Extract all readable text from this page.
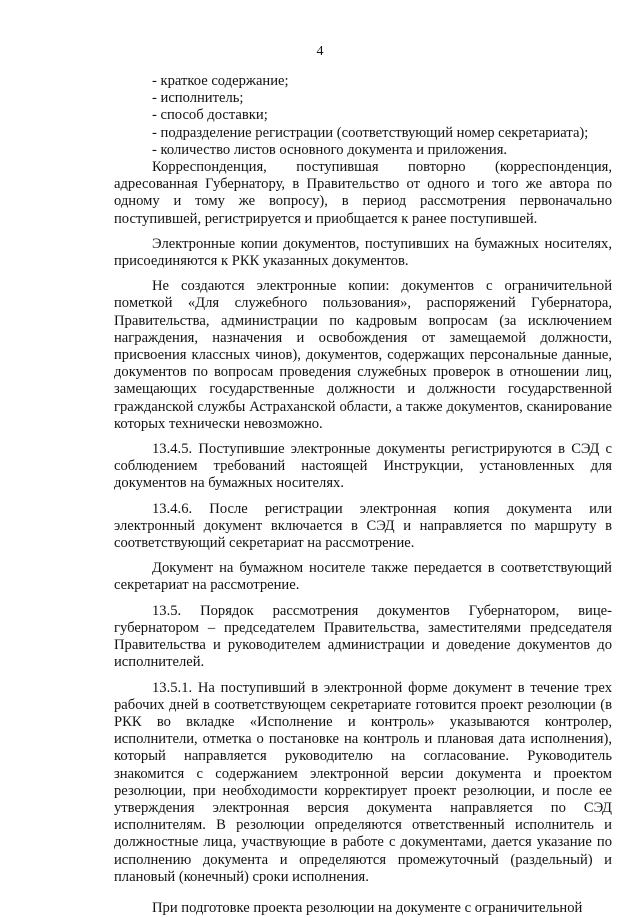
4
- краткое содержание;
- исполнитель;
- способ доставки;
- подразделение регистрации (соответствующий номер секретариата);
- количество листов основного документа и приложения.

Корреспонденция, поступившая повторно (корреспонденция, адресованная Губернатору, в Правительство от одного и того же автора по одному и тому же вопросу), в период рассмотрения первоначально поступившей, регистрируется и приобщается к ранее поступившей.

Электронные копии документов, поступивших на бумажных носителях, присоединяются к РКК указанных документов.

Не создаются электронные копии: документов с ограничительной пометкой «Для служебного пользования», распоряжений Губернатора, Правительства, администрации по кадровым вопросам (за исключением награждения, назначения и освобождения от замещаемой должности, присвоения классных чинов), документов, содержащих персональные данные, документов по вопросам проведения служебных проверок в отношении лиц, замещающих государственные должности и должности государственной гражданской службы Астраханской области, а также документов, сканирование которых технически невозможно.

13.4.5. Поступившие электронные документы регистрируются в СЭД с соблюдением требований настоящей Инструкции, установленных для документов на бумажных носителях.

13.4.6. После регистрации электронная копия документа или электронный документ включается в СЭД и направляется по маршруту в соответствующий секретариат на рассмотрение.

Документ на бумажном носителе также передается в соответствующий секретариат на рассмотрение.

13.5. Порядок рассмотрения документов Губернатором, вице-губернатором – председателем Правительства, заместителями председателя Правительства и руководителем администрации и доведение документов до исполнителей.

13.5.1. На поступивший в электронной форме документ в течение трех рабочих дней в соответствующем секретариате готовится проект резолюции (в РКК во вкладке «Исполнение и контроль» указываются контролер, исполнители, отметка о постановке на контроль и плановая дата исполнения), который направляется руководителю на согласование. Руководитель знакомится с содержанием электронной версии документа и проектом резолюции, при необходимости корректирует проект резолюции, и после ее утверждения электронная версия документа направляется по СЭД исполнителям. В резолюции определяются ответственный исполнитель и должностные лица, участвующие в работе с документами, дается указание по исполнению документа и определяются промежуточный (раздельный) и плановый (конечный) сроки исполнения.

При подготовке проекта резолюции на документе с ограничительной
